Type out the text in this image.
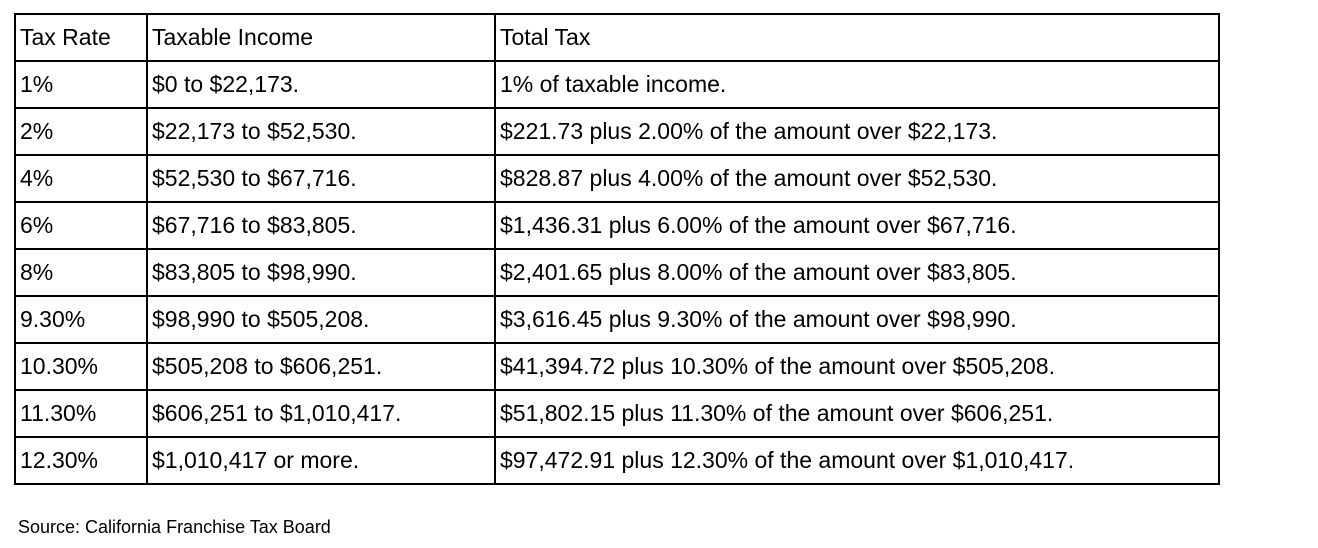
Tax Rate	Taxable Income	Total Tax
1%	$0 to $22,173.	1% of taxable income.
2%	$22,173 to $52,530.	$221.73 plus 2.00% of the amount over $22,173.
4%	$52,530 to $67,716.	$828.87 plus 4.00% of the amount over $52,530.
6%	$67,716 to $83,805.	$1,436.31 plus 6.00% of the amount over $67,716.
8%	$83,805 to $98,990.	$2,401.65 plus 8.00% of the amount over $83,805.
9.30%	$98,990 to $505,208.	$3,616.45 plus 9.30% of the amount over $98,990.
10.30%	$505,208 to $606,251.	$41,394.72 plus 10.30% of the amount over $505,208.
11.30%	$606,251 to $1,010,417.	$51,802.15 plus 11.30% of the amount over $606,251.
12.30%	$1,010,417 or more.	$97,472.91 plus 12.30% of the amount over $1,010,417.
Source: California Franchise Tax Board
